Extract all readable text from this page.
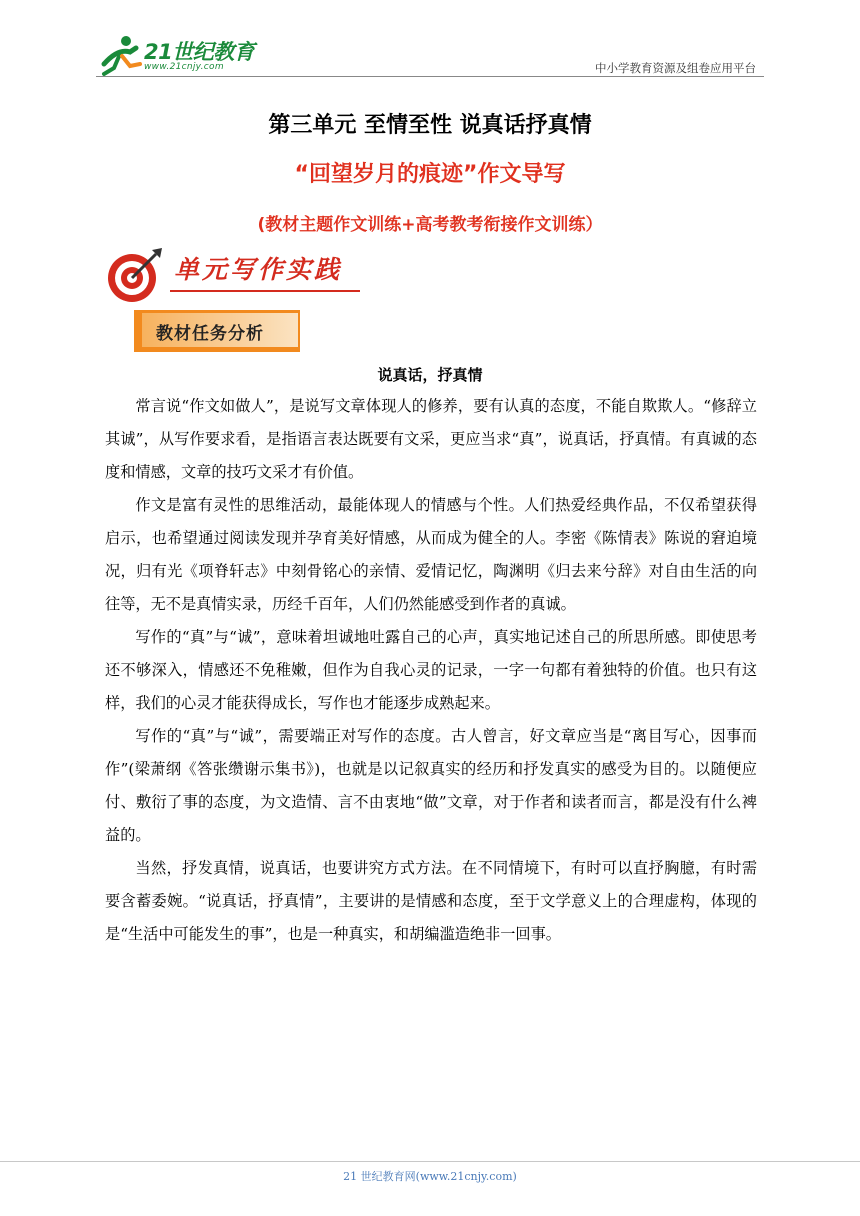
21世纪教育
www.21cnjy.com	中小学教育资源及组卷应用平台
第三单元 至情至性 说真话抒真情
“回望岁月的痕迹”作文导写
(教材主题作文训练+高考教考衔接作文训练）
单元写作实践
教材任务分析
说真话，抒真情

常言说“作文如做人”，是说写文章体现人的修养，要有认真的态度，不能自欺欺人。“修辞立其诚”，从写作要求看，是指语言表达既要有文采，更应当求“真”，说真话，抒真情。有真诚的态度和情感，文章的技巧文采才有价值。

作文是富有灵性的思维活动，最能体现人的情感与个性。人们热爱经典作品，不仅希望获得启示，也希望通过阅读发现并孕育美好情感，从而成为健全的人。李密《陈情表》陈说的窘迫境况，归有光《项脊轩志》中刻骨铭心的亲情、爱情记忆，陶渊明《归去来兮辞》对自由生活的向往等，无不是真情实录，历经千百年，人们仍然能感受到作者的真诚。

写作的“真”与“诚”，意味着坦诚地吐露自己的心声，真实地记述自己的所思所感。即使思考还不够深入，情感还不免稚嫩，但作为自我心灵的记录，一字一句都有着独特的价值。也只有这样，我们的心灵才能获得成长，写作也才能逐步成熟起来。

写作的“真”与“诚”，需要端正对写作的态度。古人曾言，好文章应当是“离目写心，因事而作”(梁萧纲《答张缵谢示集书》)，也就是以记叙真实的经历和抒发真实的感受为目的。以随便应付、敷衍了事的态度，为文造情、言不由衷地“做”文章，对于作者和读者而言，都是没有什么裨益的。

当然，抒发真情，说真话，也要讲究方式方法。在不同情境下，有时可以直抒胸臆，有时需要含蓄委婉。“说真话，抒真情”，主要讲的是情感和态度，至于文学意义上的合理虚构，体现的是“生活中可能发生的事”，也是一种真实，和胡编滥造绝非一回事。

21 世纪教育网(www.21cnjy.com)
